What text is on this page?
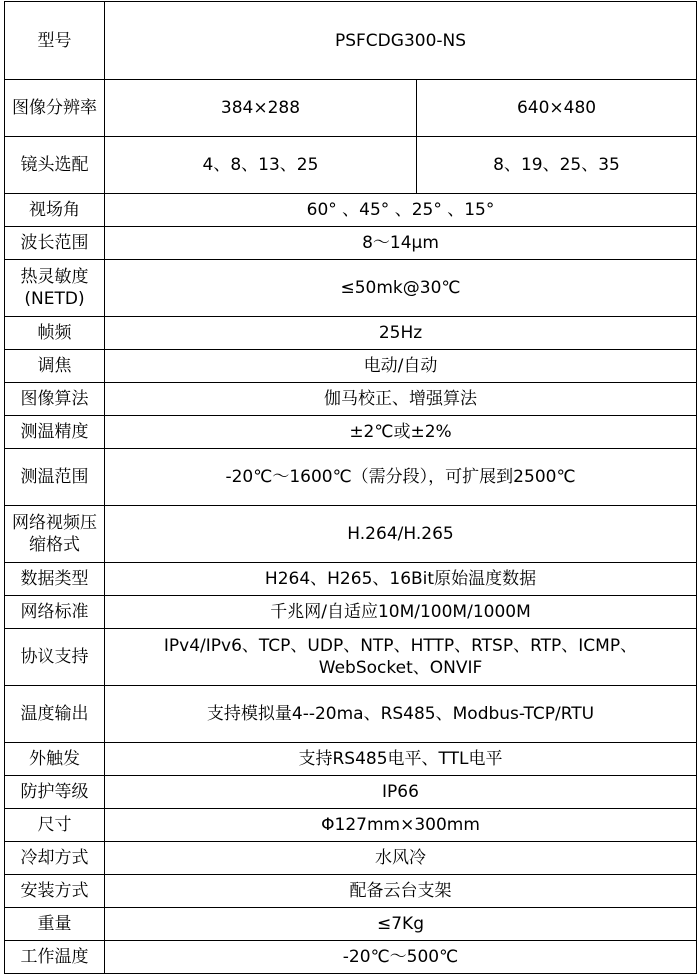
型号	PSFCDG300-NS	
图像分辨率	384×288	640×480
镜头选配	4、8、13、25	8、19、25、35
视场角	60° 、45° 、25° 、15°	
波长范围	8～14μm	
热灵敏度(NETD)	≤50mk@30℃	
帧频	25Hz	
调焦	电动/自动	
图像算法	伽马校正、增强算法	
测温精度	±2℃或±2%	
测温范围	-20℃～1600℃（需分段），可扩展到2500℃	
网络视频压缩格式	H.264/H.265	
数据类型	H264、H265、16Bit原始温度数据	
网络标准	千兆网/自适应10M/100M/1000M	
协议支持	IPv4/IPv6、TCP、UDP、NTP、HTTP、RTSP、RTP、ICMP、WebSocket、ONVIF	
温度输出	支持模拟量4--20ma、RS485、Modbus-TCP/RTU	
外触发	支持RS485电平、TTL电平	
防护等级	IP66	
尺寸	Φ127mm×300mm	
冷却方式	水风冷	
安装方式	配备云台支架	
重量	≤7Kg	
工作温度	-20℃～500℃	
